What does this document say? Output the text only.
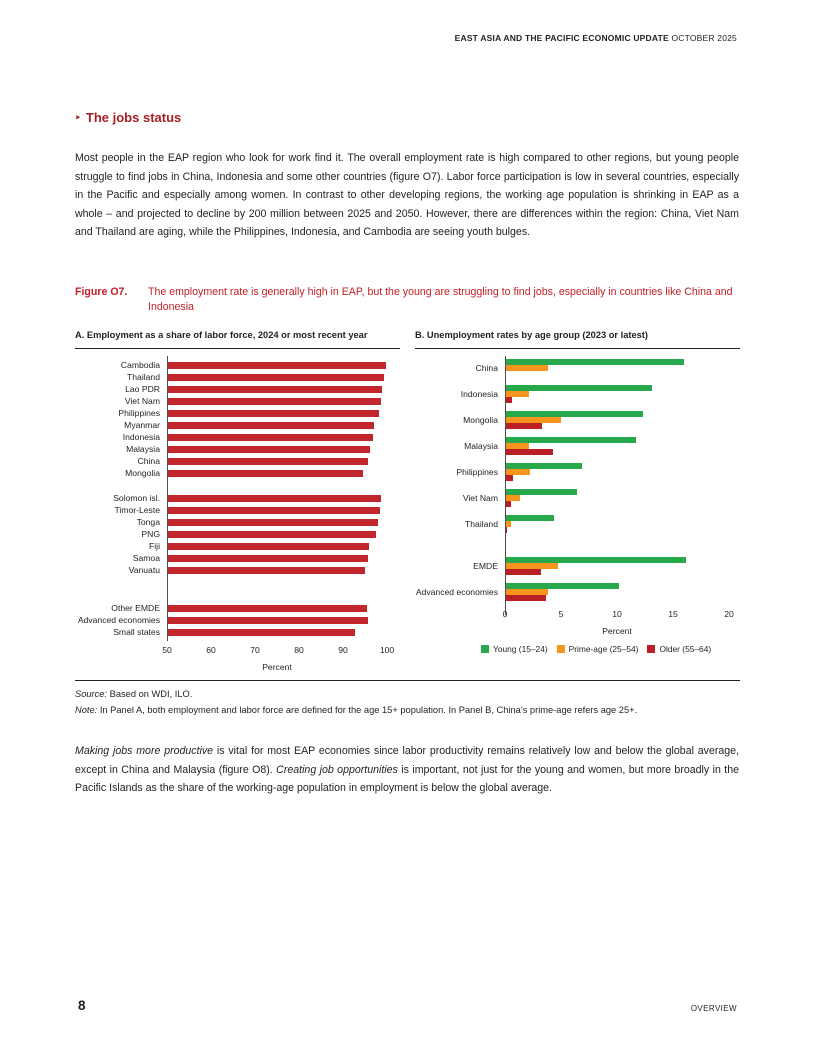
EAST ASIA AND THE PACIFIC ECONOMIC UPDATE OCTOBER 2025
‣ The jobs status

Most people in the EAP region who look for work find it. The overall employment rate is high compared to other regions, but young people struggle to find jobs in China, Indonesia and some other countries (figure O7). Labor force participation is low in several countries, especially in the Pacific and especially among women. In contrast to other developing regions, the working age population is shrinking in EAP as a whole – and projected to decline by 200 million between 2025 and 2050. However, there are differences within the region: China, Viet Nam and Thailand are aging, while the Philippines, Indonesia, and Cambodia are seeing youth bulges.

Figure O7.	The employment rate is generally high in EAP, but the young are struggling to find jobs, especially in countries like China and Indonesia
A. Employment as a share of labor force, 2024 or most recent year
Cambodia
Thailand
Lao PDR
Viet Nam
Philippines
Myanmar
Indonesia
Malaysia
China
Mongolia
Solomon isl.
Timor-Leste
Tonga
PNG
Fiji
Samoa
Vanuatu
Other EMDE
Advanced economies
Small states
50	60	70	80	90	100
Percent
B. Unemployment rates by age group (2023 or latest)
China
Indonesia
Mongolia
Malaysia
Philippines
Viet Nam
Thailand
EMDE
Advanced economies
0	5	10	15	20
Percent
Young (15–24)	Prime-age (25–54)	Older (55–64)
Source: Based on WDI, ILO.
Note: In Panel A, both employment and labor force are defined for the age 15+ population. In Panel B, China’s prime-age refers age 25+.

Making jobs more productive is vital for most EAP economies since labor productivity remains relatively low and below the global average, except in China and Malaysia (figure O8). Creating job opportunities is important, not just for the young and women, but more broadly in the Pacific Islands as the share of the working-age population in employment is below the global average.

8	OVERVIEW
